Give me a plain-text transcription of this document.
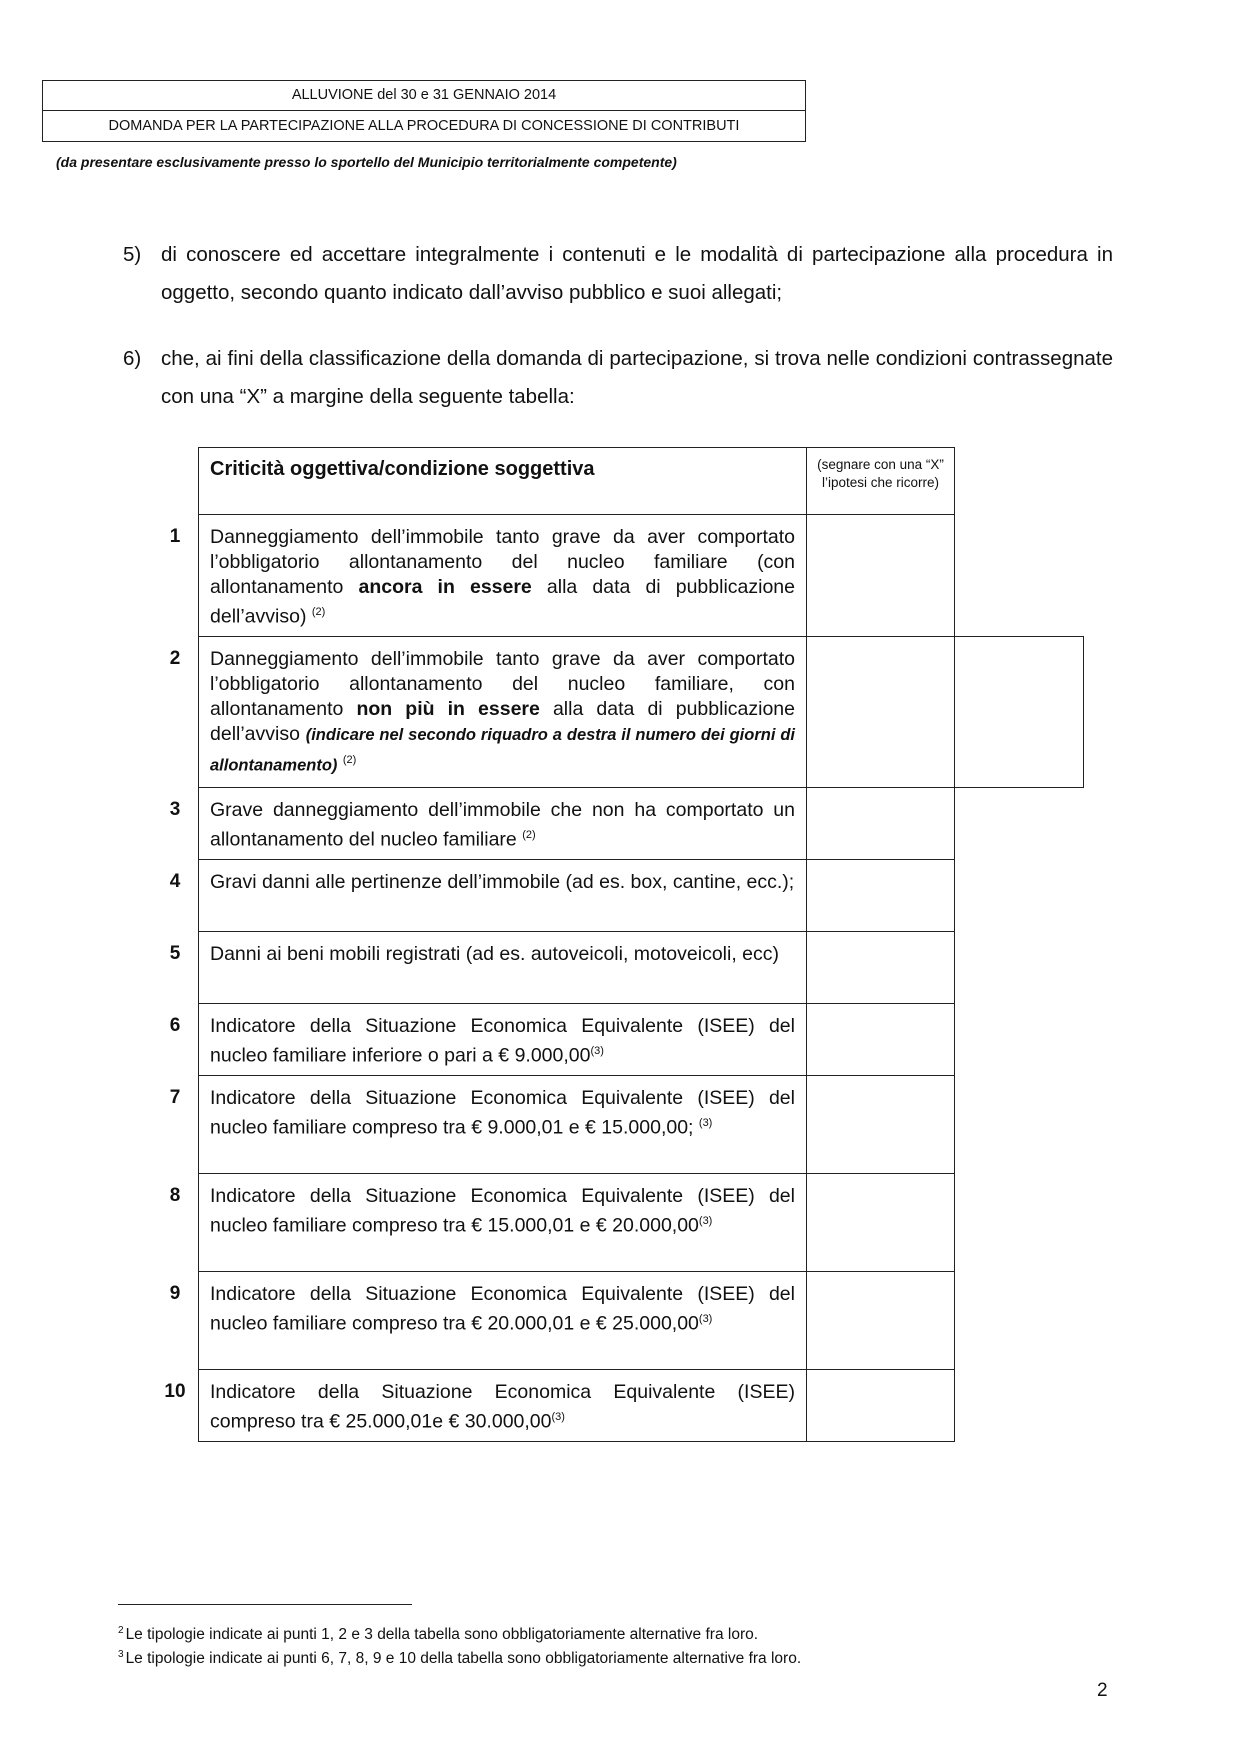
ALLUVIONE del 30 e 31 GENNAIO 2014
DOMANDA PER LA PARTECIPAZIONE ALLA PROCEDURA DI CONCESSIONE DI CONTRIBUTI
(da presentare esclusivamente presso lo sportello del Municipio territorialmente competente)
5) di conoscere ed accettare integralmente i contenuti e le modalità di partecipazione alla procedura in oggetto, secondo quanto indicato dall’avviso pubblico e suoi allegati;
6) che, ai fini della classificazione della domanda di partecipazione, si trova nelle condizioni contrassegnate con una “X” a margine della seguente tabella:
	Criticità oggettiva/condizione soggettiva	(segnare con una “X” l’ipotesi che ricorre)	
1	Danneggiamento dell’immobile tanto grave da aver comportato l’obbligatorio allontanamento del nucleo familiare (con allontanamento ancora in essere alla data di pubblicazione dell’avviso) $^{(2)}$		
2	Danneggiamento dell’immobile tanto grave da aver comportato l’obbligatorio allontanamento del nucleo familiare, con allontanamento non più in essere alla data di pubblicazione dell’avviso (indicare nel secondo riquadro a destra il numero dei giorni di allontanamento) $^{(2)}$		
3	Grave danneggiamento dell’immobile che non ha comportato un allontanamento del nucleo familiare $^{(2)}$		
4	Gravi danni alle pertinenze dell’immobile (ad es. box, cantine, ecc.);		
5	Danni ai beni mobili registrati (ad es. autoveicoli, motoveicoli, ecc)		
6	Indicatore della Situazione Economica Equivalente (ISEE) del nucleo familiare inferiore o pari a € 9.000,00$^{(3)}$		
7	Indicatore della Situazione Economica Equivalente (ISEE) del nucleo familiare compreso tra € 9.000,01 e € 15.000,00; $^{(3)}$		
8	Indicatore della Situazione Economica Equivalente (ISEE) del nucleo familiare compreso tra € 15.000,01 e € 20.000,00$^{(3)}$		
9	Indicatore della Situazione Economica Equivalente (ISEE) del nucleo familiare compreso tra € 20.000,01 e € 25.000,00$^{(3)}$		
10	Indicatore della Situazione Economica Equivalente (ISEE) compreso tra € 25.000,01e € 30.000,00$^{(3)}$		
$^2$ Le tipologie indicate ai punti 1, 2 e 3 della tabella sono obbligatoriamente alternative fra loro.
$^3$ Le tipologie indicate ai punti 6, 7, 8, 9 e 10 della tabella sono obbligatoriamente alternative fra loro.
2
